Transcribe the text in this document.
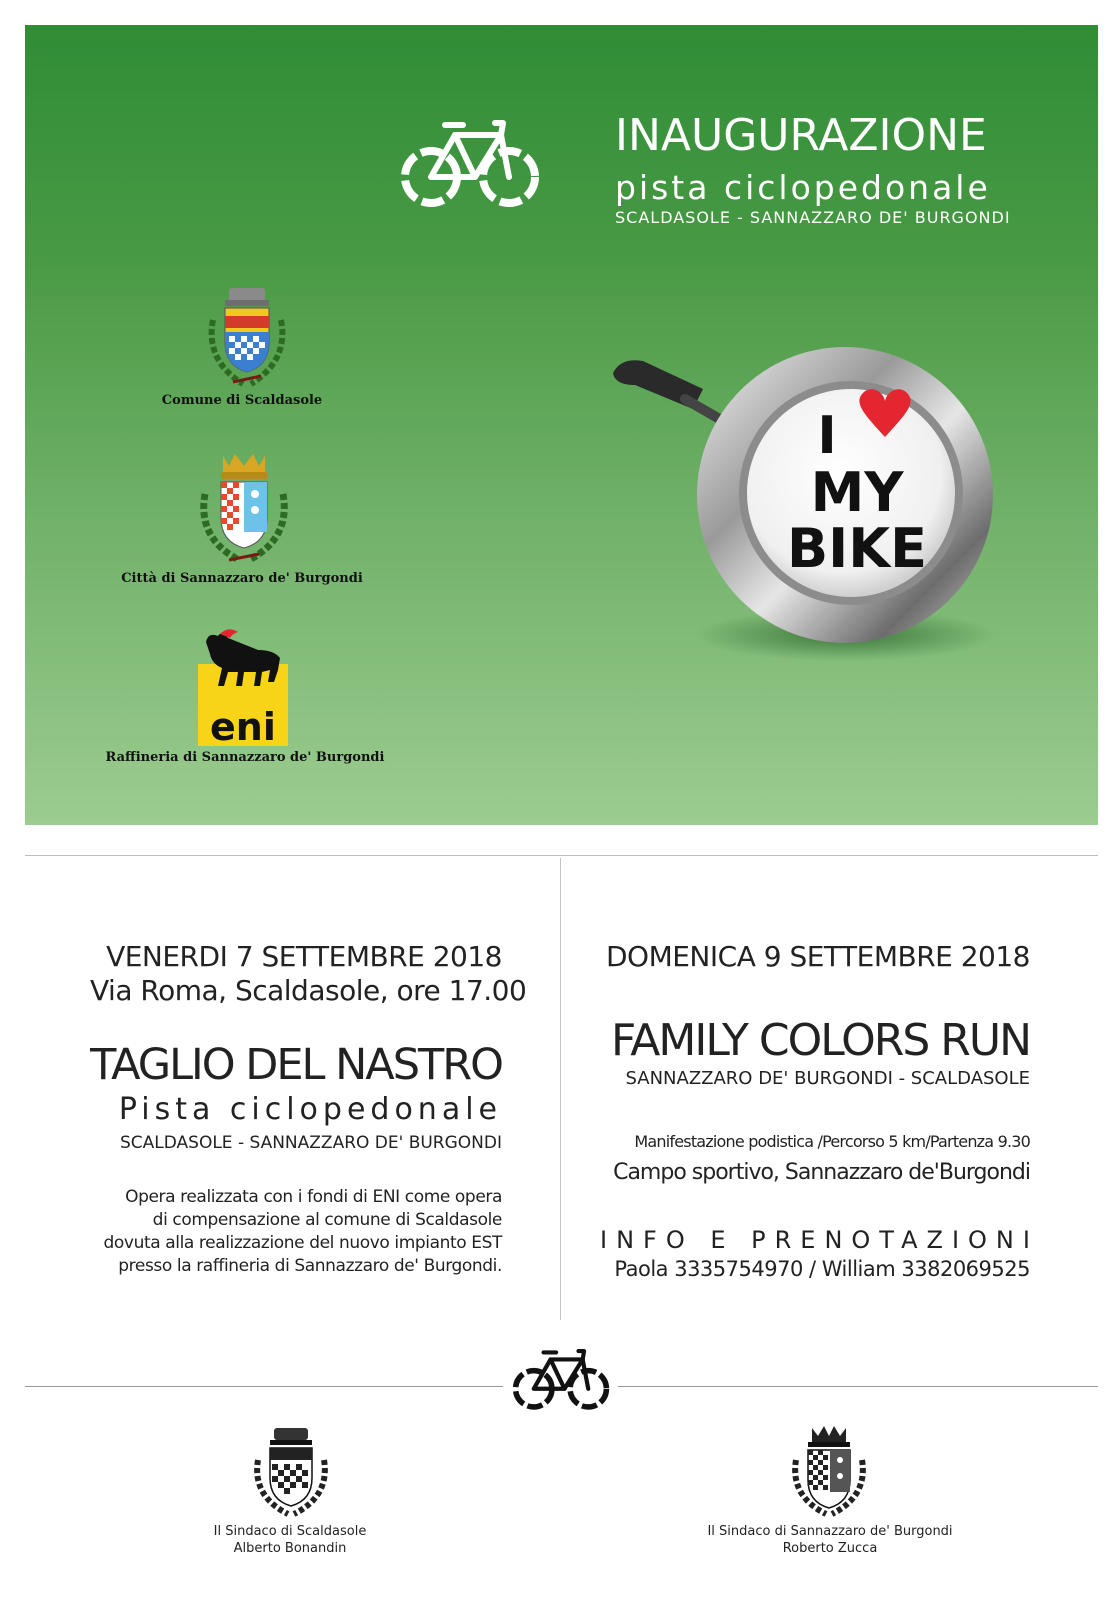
INAUGURAZIONE
pista ciclopedonale
SCALDASOLE - SANNAZZARO DE' BURGONDI
Comune di Scaldasole
Città di Sannazzaro de' Burgondi
eni
Raffineria di Sannazzaro de' Burgondi
I
MY
BIKE
VENERDI 7 SETTEMBRE 2018
Via Roma, Scaldasole, ore 17.00
TAGLIO DEL NASTRO
Pista ciclopedonale
SCALDASOLE - SANNAZZARO DE' BURGONDI
Opera realizzata con i fondi di ENI come opera
di compensazione al comune di Scaldasole
dovuta alla realizzazione del nuovo impianto EST
presso la raffineria di Sannazzaro de' Burgondi.
DOMENICA 9 SETTEMBRE 2018
FAMILY COLORS RUN
SANNAZZARO DE' BURGONDI - SCALDASOLE
Manifestazione podistica /Percorso 5 km/Partenza 9.30
Campo sportivo, Sannazzaro de'Burgondi
INFO E PRENOTAZIONI
Paola 3335754970 / William 3382069525
Il Sindaco di Scaldasole
Alberto Bonandin
Il Sindaco di Sannazzaro de' Burgondi
Roberto Zucca
